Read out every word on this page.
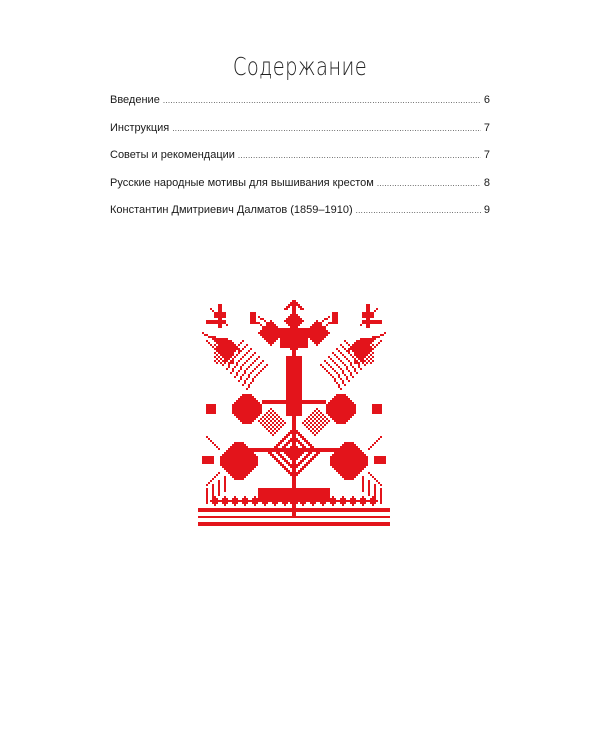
Содержание
Введение .....	6
Инструкция .....	7
Советы и рекомендации .....	7
Русские народные мотивы для вышивания крестом .....	8
Константин Дмитриевич Далматов (1859–1910) .....	9
